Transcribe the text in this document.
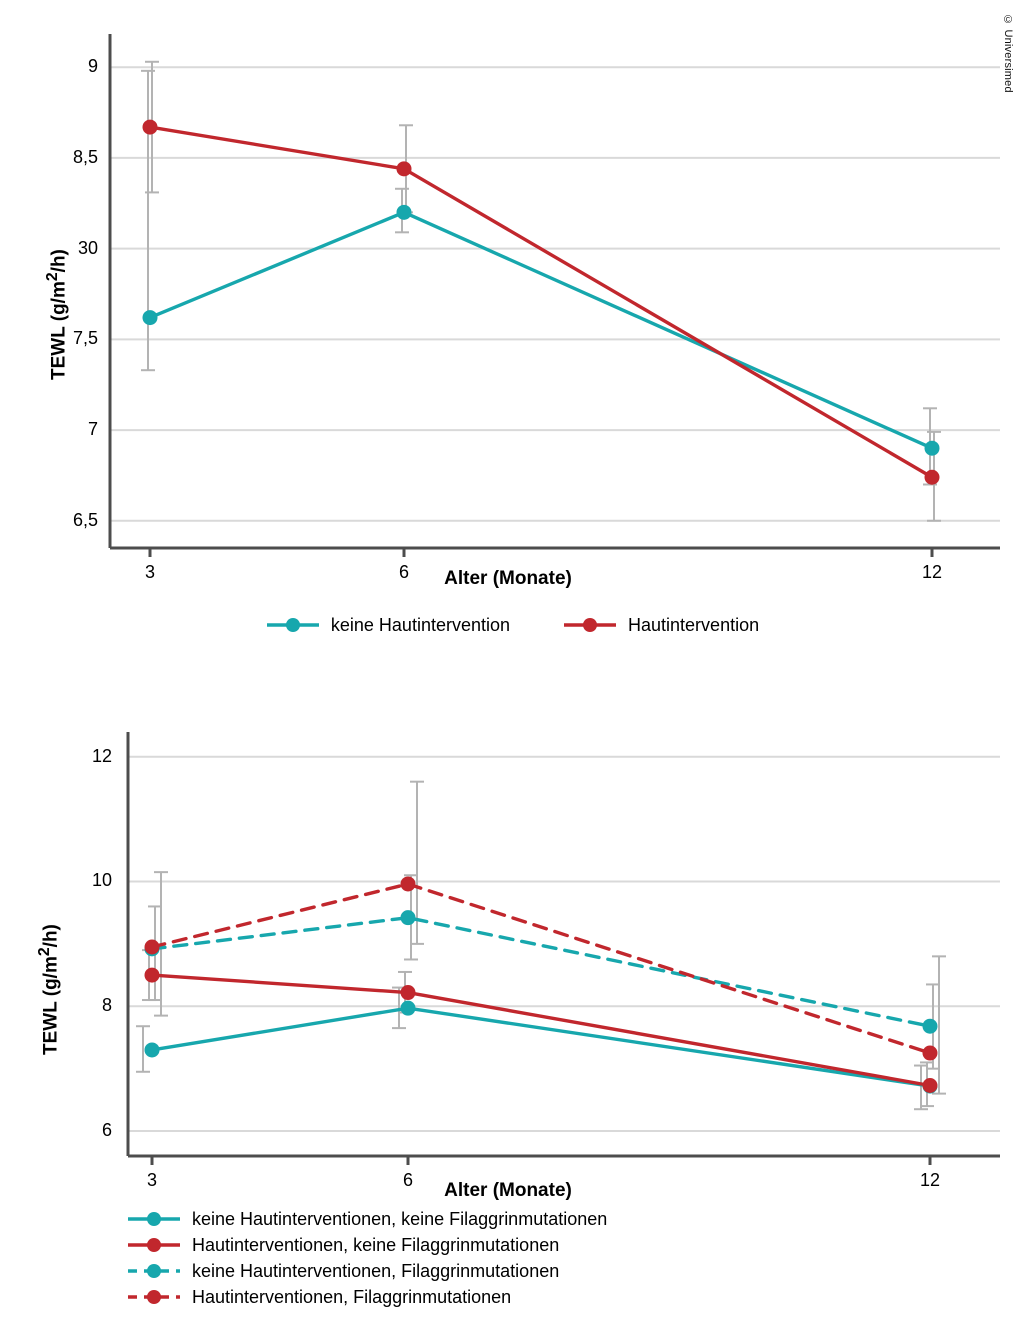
© Universimed
TEWL $(g/m^2/h)$
Alter (Monate)
keine Hautintervention	Hautintervention
6,5
7
7,5
30
8,5
9
3	6	12
TEWL $(g/m^2/h)$
Alter (Monate)
keine Hautinterventionen, keine Filaggrinmutationen
Hautinterventionen, keine Filaggrinmutationen
keine Hautinterventionen, Filaggrinmutationen
Hautinterventionen, Filaggrinmutationen
6
8
10
12
3	6	12
